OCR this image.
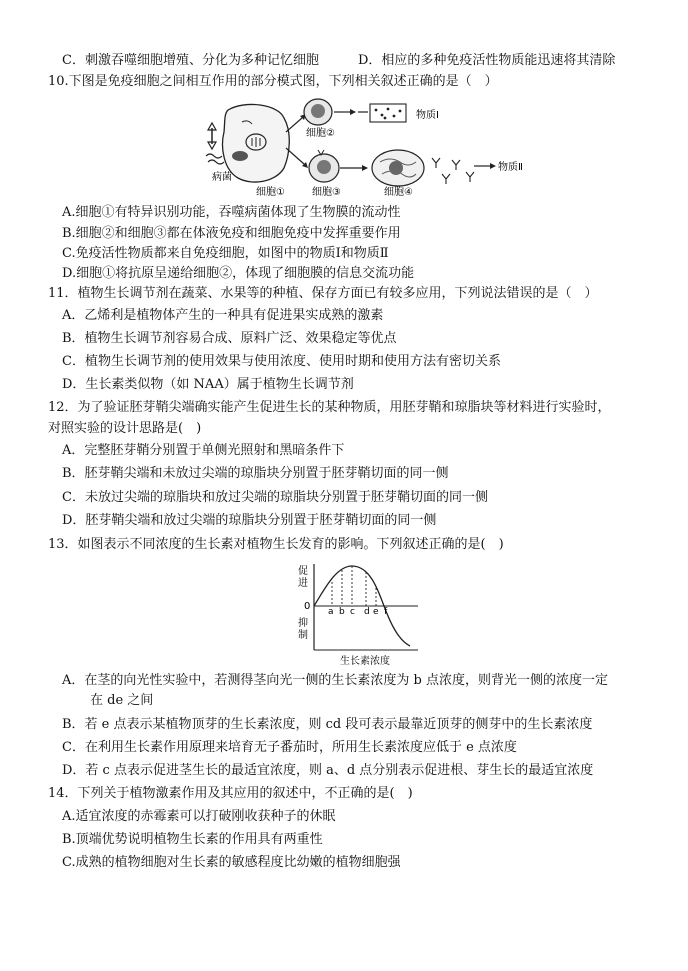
C．刺激吞噬细胞增殖、分化为多种记忆细胞	D．相应的多种免疫活性物质能迅速将其清除
10.下图是免疫细胞之间相互作用的部分模式图，下列相关叙述正确的是（　）
病菌
细胞①
细胞②
物质Ⅰ
细胞③	细胞④
物质Ⅱ
A.细胞①有特异识别功能，吞噬病菌体现了生物膜的流动性
B.细胞②和细胞③都在体液免疫和细胞免疫中发挥重要作用
C.免疫活性物质都来自免疫细胞，如图中的物质Ⅰ和物质Ⅱ
D.细胞①将抗原呈递给细胞②，体现了细胞膜的信息交流功能
11．植物生长调节剂在蔬菜、水果等的种植、保存方面已有较多应用，下列说法错误的是（　）
A．乙烯利是植物体产生的一种具有促进果实成熟的激素
B．植物生长调节剂容易合成、原料广泛、效果稳定等优点
C．植物生长调节剂的使用效果与使用浓度、使用时期和使用方法有密切关系
D．生长素类似物（如 NAA）属于植物生长调节剂
12．为了验证胚芽鞘尖端确实能产生促进生长的某种物质，用胚芽鞘和琼脂块等材料进行实验时，
对照实验的设计思路是(　)
A．完整胚芽鞘分别置于单侧光照射和黑暗条件下
B．胚芽鞘尖端和未放过尖端的琼脂块分别置于胚芽鞘切面的同一侧
C．未放过尖端的琼脂块和放过尖端的琼脂块分别置于胚芽鞘切面的同一侧
D．胚芽鞘尖端和放过尖端的琼脂块分别置于胚芽鞘切面的同一侧
13．如图表示不同浓度的生长素对植物生长发育的影响。下列叙述正确的是(　)
促
进
0
抑
制
a b c d e f
生长素浓度
A．在茎的向光性实验中，若测得茎向光一侧的生长素浓度为 b 点浓度，则背光一侧的浓度一定
在 de 之间
B．若 e 点表示某植物顶芽的生长素浓度，则 cd 段可表示最靠近顶芽的侧芽中的生长素浓度
C．在利用生长素作用原理来培育无子番茄时，所用生长素浓度应低于 e 点浓度
D．若 c 点表示促进茎生长的最适宜浓度，则 a、d 点分别表示促进根、芽生长的最适宜浓度
14．下列关于植物激素作用及其应用的叙述中，不正确的是(　)
A.适宜浓度的赤霉素可以打破刚收获种子的休眠
B.顶端优势说明植物生长素的作用具有两重性
C.成熟的植物细胞对生长素的敏感程度比幼嫩的植物细胞强
